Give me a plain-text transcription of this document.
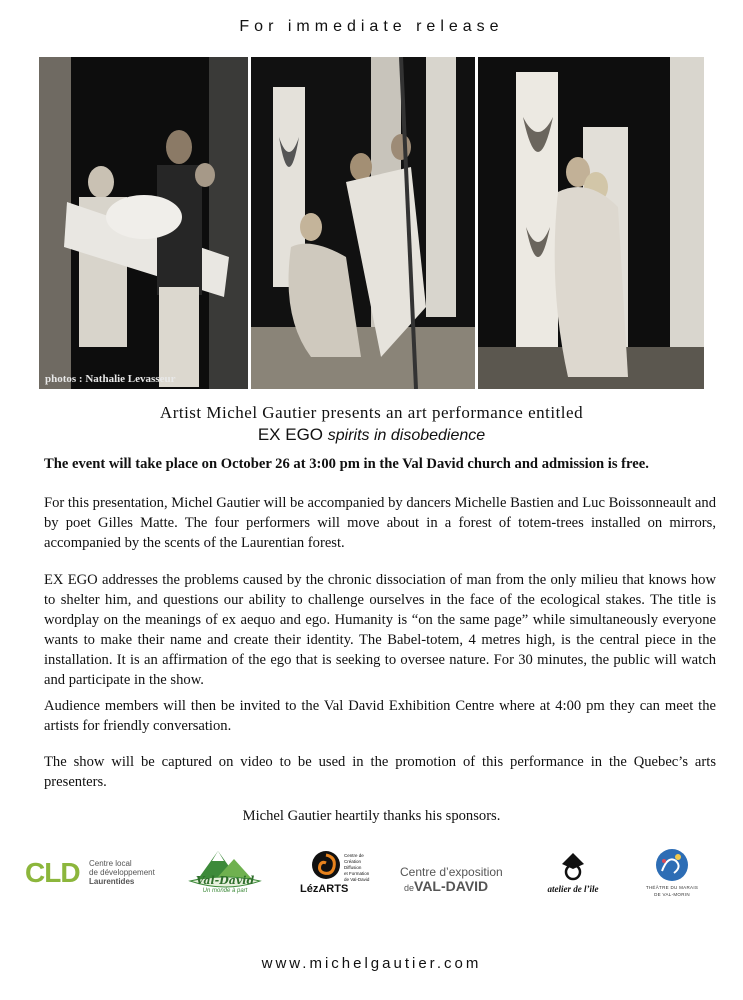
For immediate release
photos : Nathalie Levasseur
Artist Michel Gautier presents an art performance entitled
EX EGO spirits in disobedience
The event will take place on October 26 at 3:00 pm in the Val David church and admission is free.
For this presentation, Michel Gautier will be accompanied by dancers Michelle Bastien and Luc Boissonneault and by poet Gilles Matte. The four performers will move about in a forest of totem-trees installed on mirrors, accompanied by the scents of the Laurentian forest.
EX EGO addresses the problems caused by the chronic dissociation of man from the only milieu that knows how to shelter him, and questions our ability to challenge ourselves in the face of the ecological stakes. The title is wordplay on the meanings of ex aequo and ego. Humanity is “on the same page” while simultaneously everyone wants to make their name and create their identity. The Babel-totem, 4 metres high, is the central piece in the installation. It is an affirmation of the ego that is seeking to oversee nature. For 30 minutes, the public will watch and participate in the show.
Audience members will then be invited to the Val David Exhibition Centre where at 4:00 pm they can meet the artists for friendly conversation.
The show will be captured on video to be used in the promotion of this performance in the Quebec’s arts presenters.
Michel Gautier heartily thanks his sponsors.
CLD Centre local
de développement
Laurentides	Val-David
Un monde à part	LézARTS
Centre de
Création
Diffusion
et Formation
de Val-David
Centre d’exposition
deVAL-DAVID	atelier de l’île	THÉÂTRE DU MARAIS
DE VAL-MORIN
www.michelgautier.com
